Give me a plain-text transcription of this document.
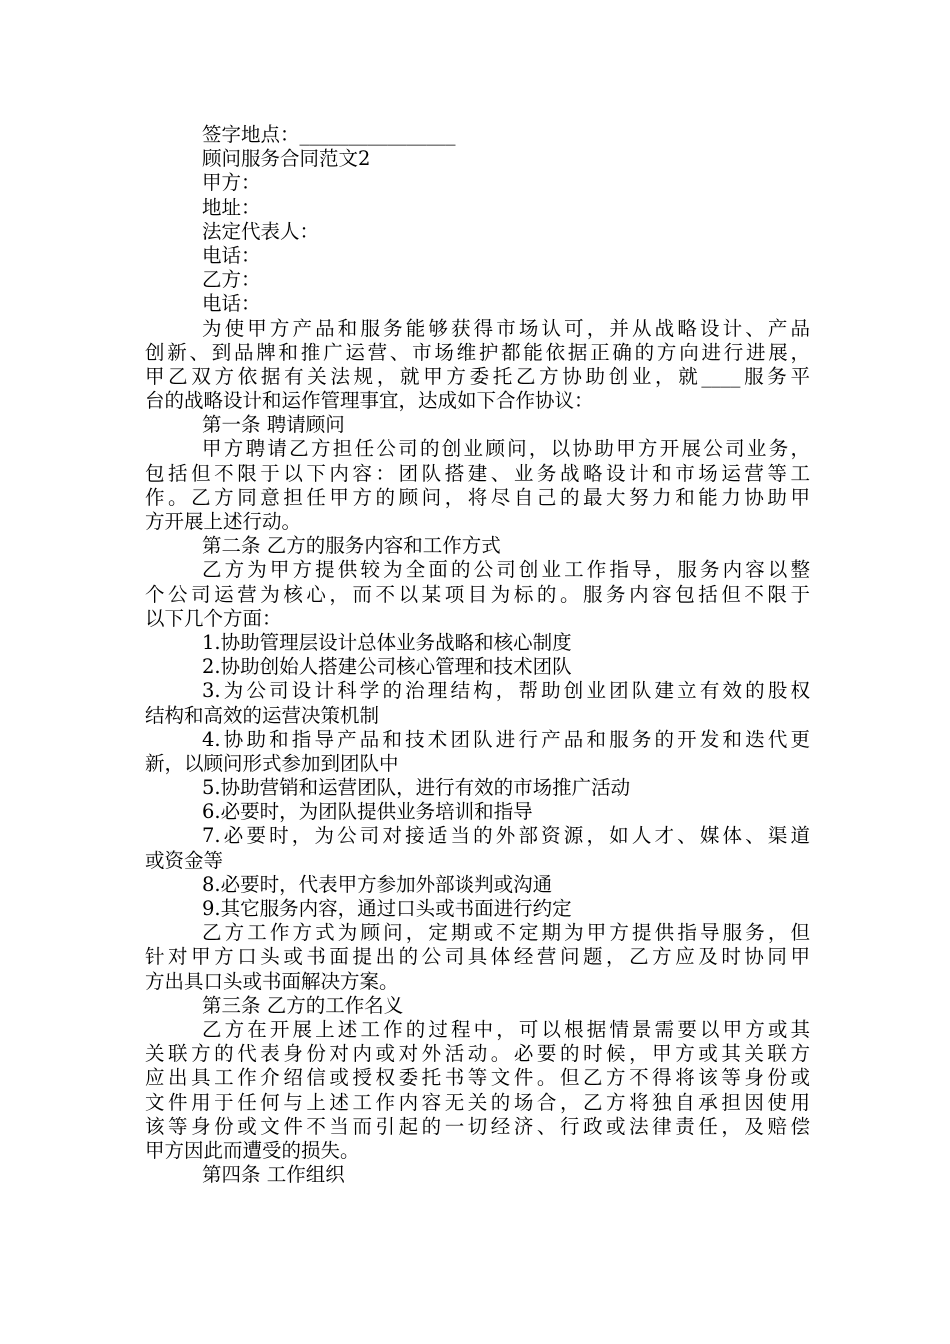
签字地点：________________
顾问服务合同范文2
甲方：
地址：
法定代表人：
电话：
乙方：
电话：
为使甲方产品和服务能够获得市场认可，并从战略设计、产品
创新、到品牌和推广运营、市场维护都能依据正确的方向进行进展，
甲乙双方依据有关法规，就甲方委托乙方协助创业，就____服务平
台的战略设计和运作管理事宜，达成如下合作协议：
第一条 聘请顾问
甲方聘请乙方担任公司的创业顾问，以协助甲方开展公司业务，
包括但不限于以下内容：团队搭建、业务战略设计和市场运营等工
作。乙方同意担任甲方的顾问，将尽自己的最大努力和能力协助甲
方开展上述行动。
第二条 乙方的服务内容和工作方式
乙方为甲方提供较为全面的公司创业工作指导，服务内容以整
个公司运营为核心，而不以某项目为标的。服务内容包括但不限于
以下几个方面：
1.协助管理层设计总体业务战略和核心制度
2.协助创始人搭建公司核心管理和技术团队
3.为公司设计科学的治理结构，帮助创业团队建立有效的股权
结构和高效的运营决策机制
4.协助和指导产品和技术团队进行产品和服务的开发和迭代更
新，以顾问形式参加到团队中
5.协助营销和运营团队，进行有效的市场推广活动
6.必要时，为团队提供业务培训和指导
7.必要时，为公司对接适当的外部资源，如人才、媒体、渠道
或资金等
8.必要时，代表甲方参加外部谈判或沟通
9.其它服务内容，通过口头或书面进行约定
乙方工作方式为顾问，定期或不定期为甲方提供指导服务，但
针对甲方口头或书面提出的公司具体经营问题，乙方应及时协同甲
方出具口头或书面解决方案。
第三条 乙方的工作名义
乙方在开展上述工作的过程中，可以根据情景需要以甲方或其
关联方的代表身份对内或对外活动。必要的时候，甲方或其关联方
应出具工作介绍信或授权委托书等文件。但乙方不得将该等身份或
文件用于任何与上述工作内容无关的场合，乙方将独自承担因使用
该等身份或文件不当而引起的一切经济、行政或法律责任，及赔偿
甲方因此而遭受的损失。
第四条 工作组织
